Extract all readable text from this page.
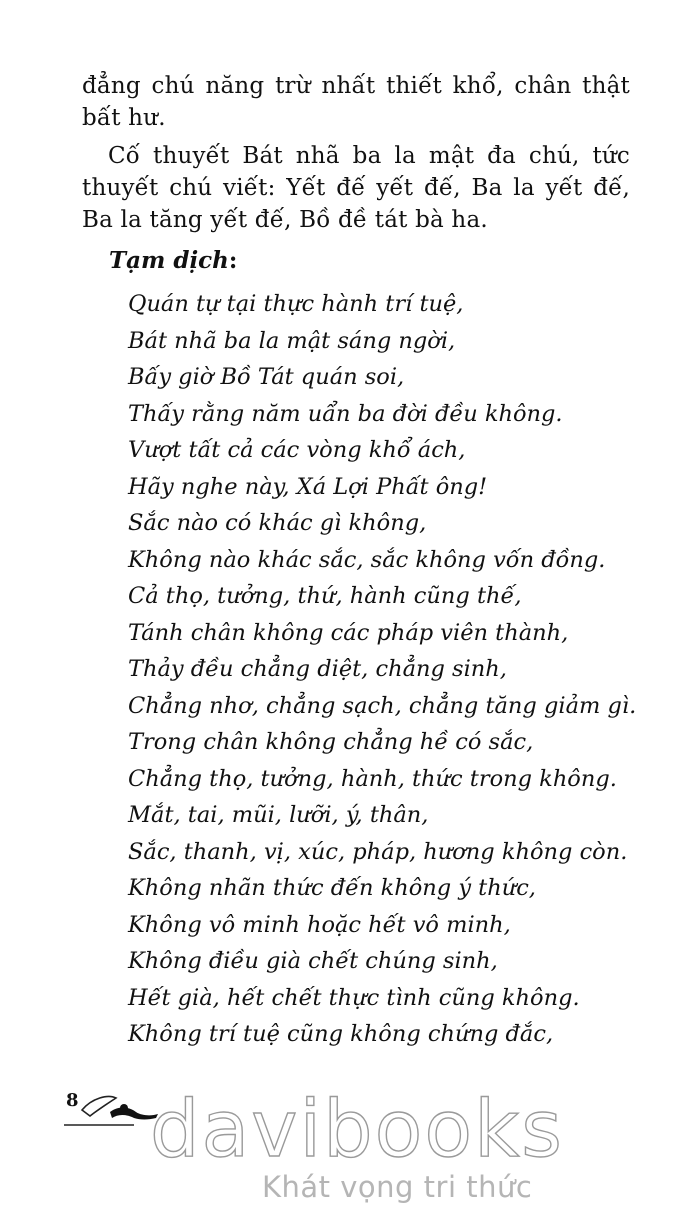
đẳng chú năng trừ nhất thiết khổ, chân thật bất hư.

Cố thuyết Bát nhã ba la mật đa chú, tức thuyết chú viết: Yết đế yết đế, Ba la yết đế, Ba la tăng yết đế, Bồ đề tát bà ha.

Tạm dịch:
Quán tự tại thực hành trí tuệ,
Bát nhã ba la mật sáng ngời,
Bấy giờ Bồ Tát quán soi,
Thấy rằng năm uẩn ba đời đều không.
Vượt tất cả các vòng khổ ách,
Hãy nghe này, Xá Lợi Phất ông!
Sắc nào có khác gì không,
Không nào khác sắc, sắc không vốn đồng.
Cả thọ, tưởng, thứ, hành cũng thế,
Tánh chân không các pháp viên thành,
Thảy đều chẳng diệt, chẳng sinh,
Chẳng nhơ, chẳng sạch, chẳng tăng giảm gì.
Trong chân không chẳng hề có sắc,
Chẳng thọ, tưởng, hành, thức trong không.
Mắt, tai, mũi, lưỡi, ý, thân,
Sắc, thanh, vị, xúc, pháp, hương không còn.
Không nhãn thức đến không ý thức,
Không vô minh hoặc hết vô minh,
Không điều già chết chúng sinh,
Hết già, hết chết thực tình cũng không.
Không trí tuệ cũng không chứng đắc,
8 davibooks
Khát vọng tri thức
